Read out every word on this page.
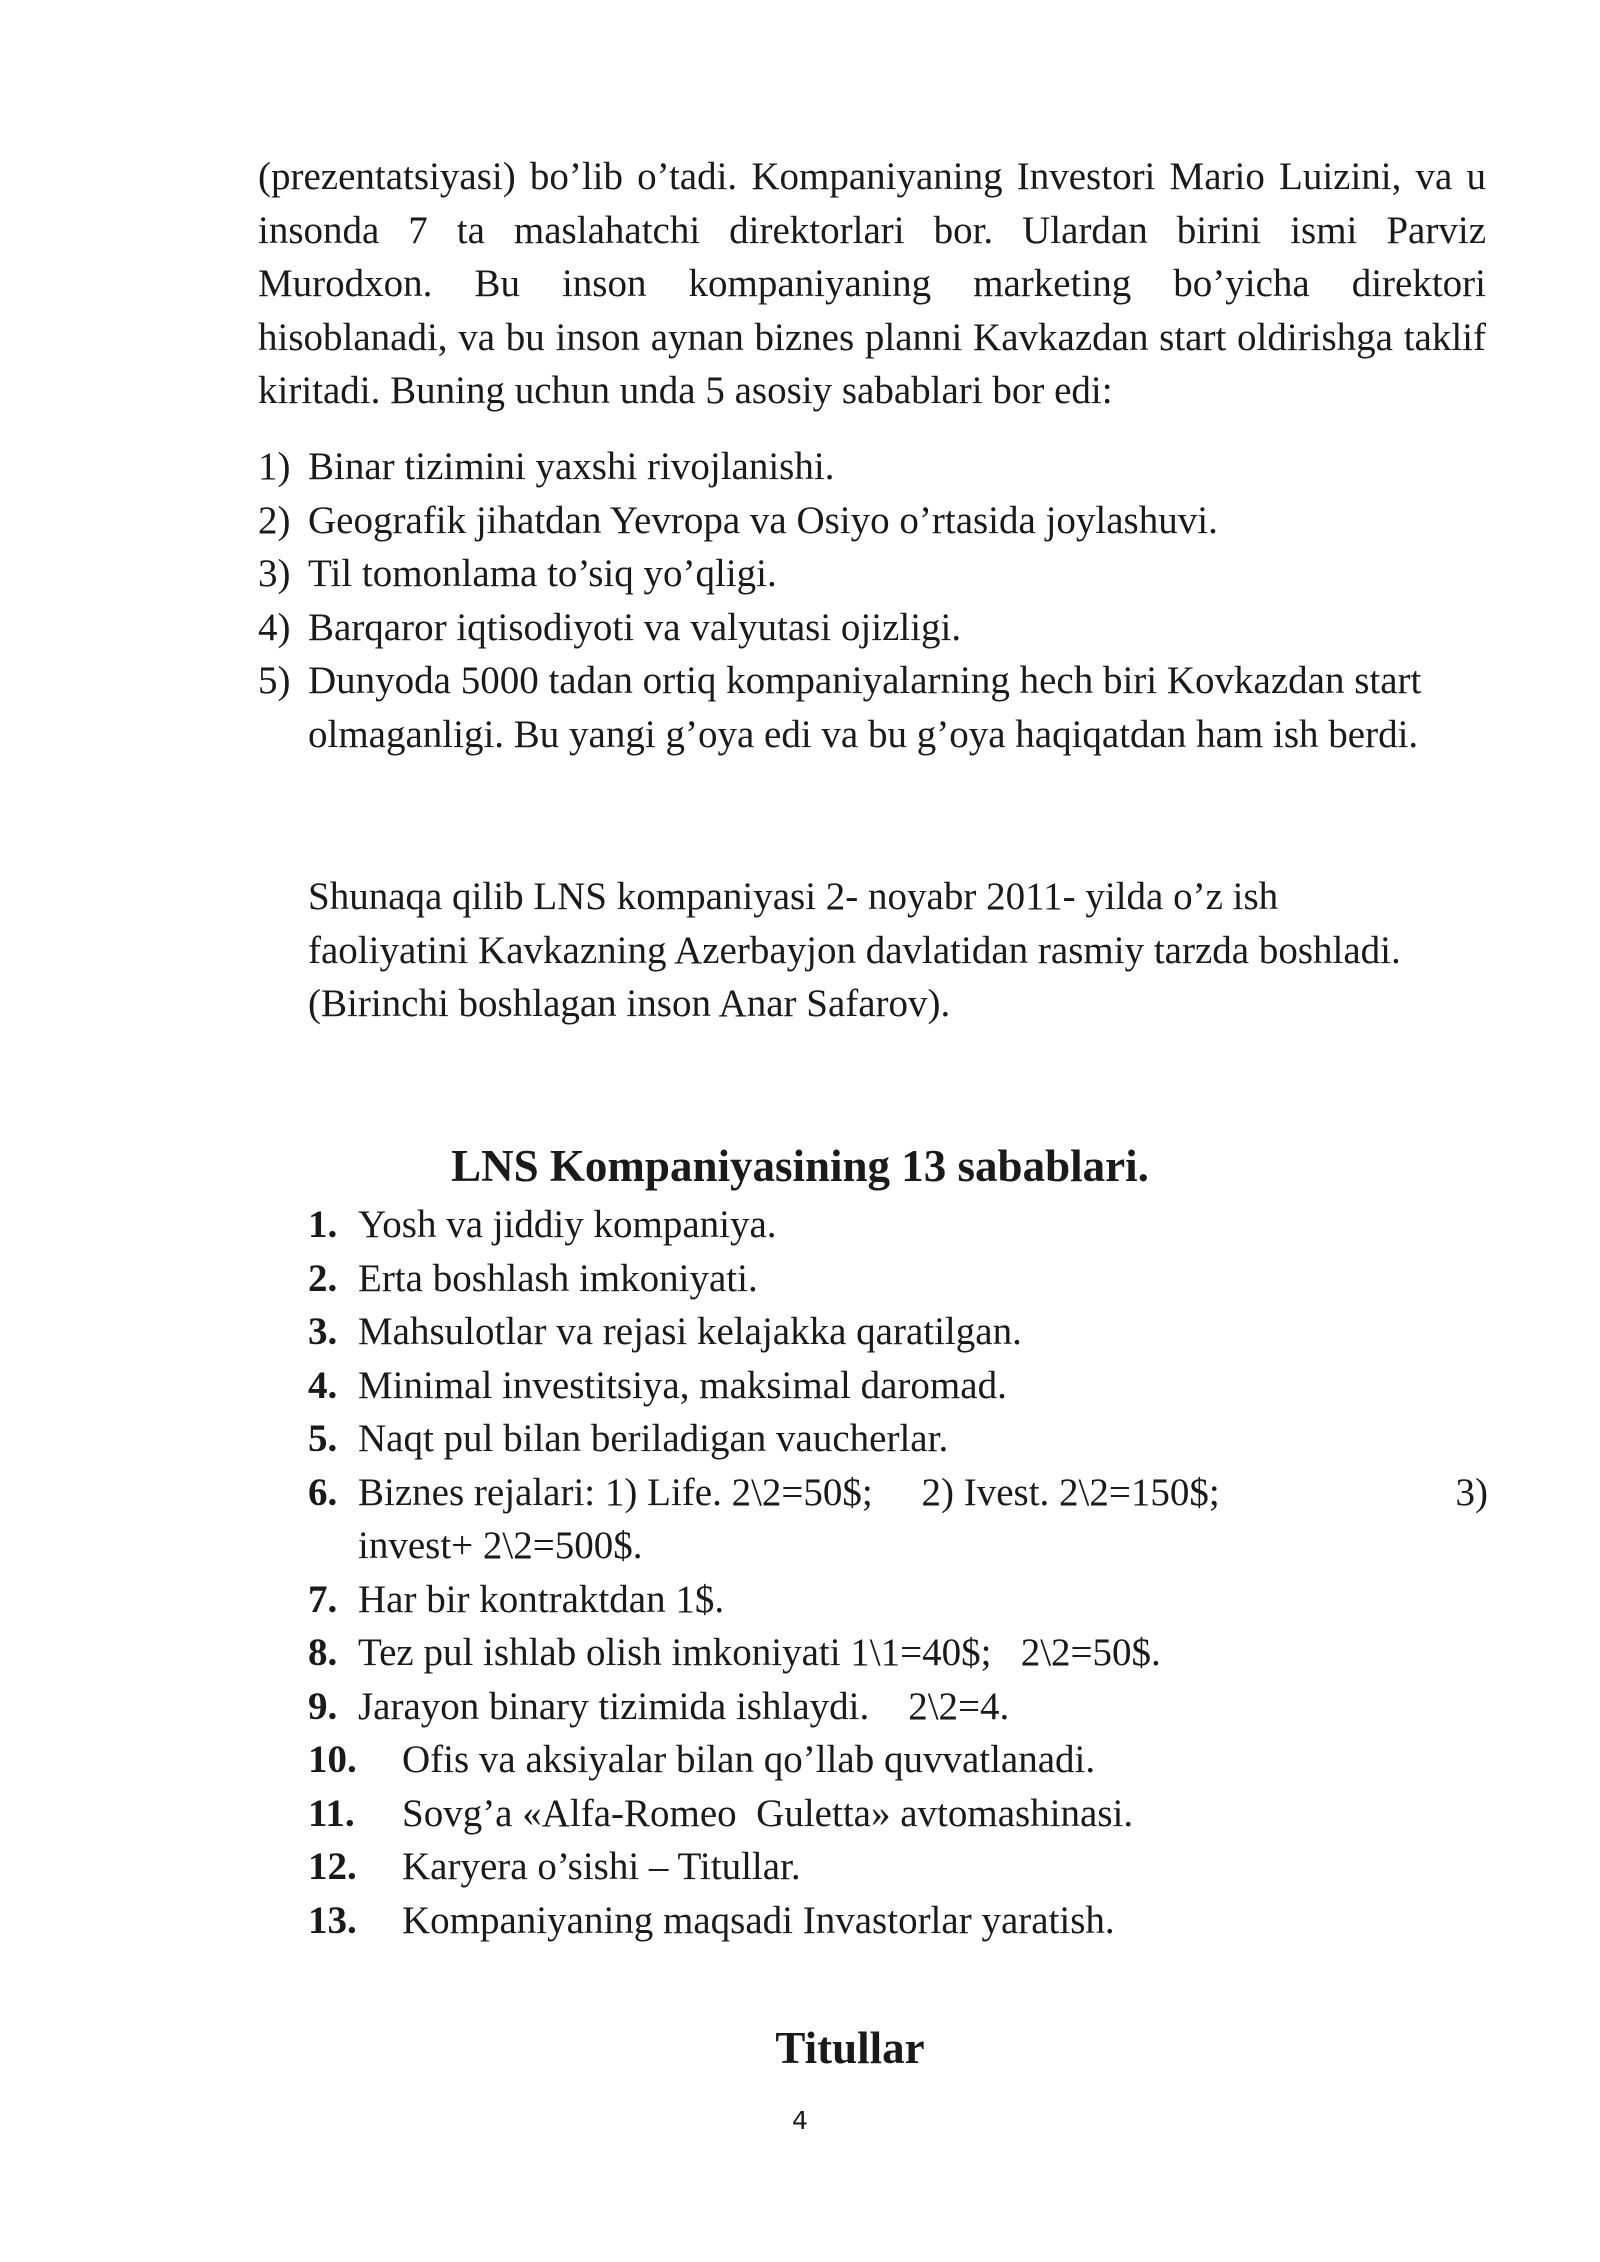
(prezentatsiyasi) bo’lib o’tadi. Kompaniyaning Investori Mario Luizini, va u insonda 7 ta maslahatchi direktorlari bor. Ulardan birini ismi Parviz Murodxon. Bu inson kompaniyaning marketing bo’yicha direktori hisoblanadi, va bu inson aynan biznes planni Kavkazdan start oldirishga taklif kiritadi. Buning uchun unda 5 asosiy sabablari bor edi:

1) Binar tizimini yaxshi rivojlanishi.
2) Geografik jihatdan Yevropa va Osiyo o’rtasida joylashuvi.
3) Til tomonlama to’siq yo’qligi.
4) Barqaror iqtisodiyoti va valyutasi ojizligi.
5) Dunyoda 5000 tadan ortiq kompaniyalarning hech biri Kovkazdan start olmaganligi. Bu yangi g’oya edi va bu g’oya haqiqatdan ham ish berdi.

Shunaqa qilib LNS kompaniyasi 2- noyabr 2011- yilda o’z ish faoliyatini Kavkazning Azerbayjon davlatidan rasmiy tarzda boshladi. (Birinchi boshlagan inson Anar Safarov).

LNS Kompaniyasining 13 sabablari.
1. Yosh va jiddiy kompaniya.
2. Erta boshlash imkoniyati.
3. Mahsulotlar va rejasi kelajakka qaratilgan.
4. Minimal investitsiya, maksimal daromad.
5. Naqt pul bilan beriladigan vaucherlar.
6. Biznes rejalari: 1) Life. 2\2=50$;     2) Ivest. 2\2=150$;	3)
invest+ 2\2=500$.
7. Har bir kontraktdan 1$.
8. Tez pul ishlab olish imkoniyati 1\1=40$;   2\2=50$.
9. Jarayon binary tizimida ishlaydi.    2\2=4.
10. Ofis va aksiyalar bilan qo’llab quvvatlanadi.
11. Sovg’a «Alfa-Romeo  Guletta» avtomashinasi.
12. Karyera o’sishi – Titullar.
13. Kompaniyaning maqsadi Invastorlar yaratish.
Titullar

4
